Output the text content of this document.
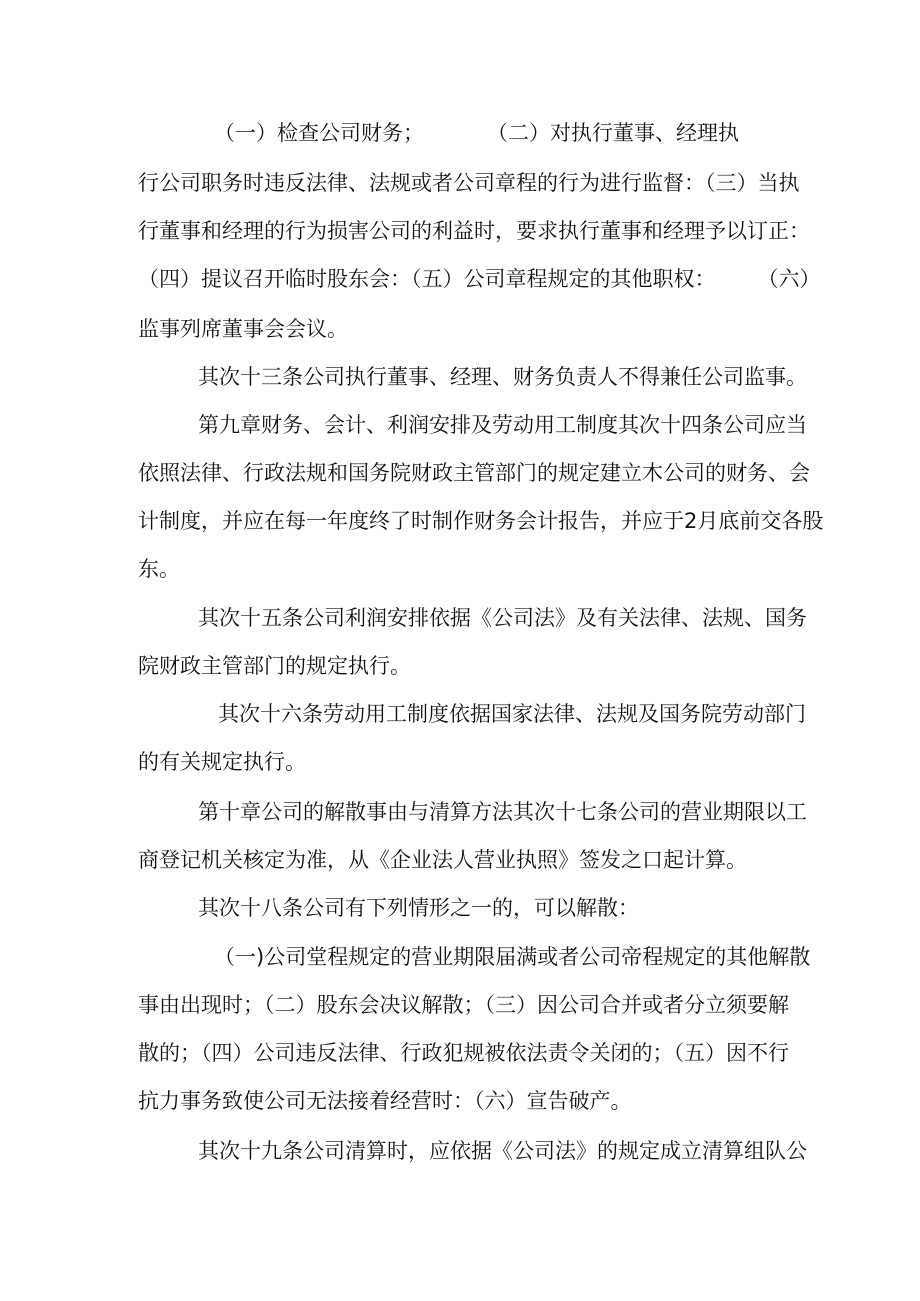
（一）检查公司财务；　　　　（二）对执行董事、经理执

行公司职务时违反法律、法规或者公司章程的行为进行监督：（三）当执

行董事和经理的行为损害公司的利益时，要求执行董事和经理予以订正：

（四）提议召开临时股东会：（五）公司章程规定的其他职权：　　　（六）

监事列席董事会会议。

其次十三条公司执行董事、经理、财务负责人不得兼任公司监事。

第九章财务、会计、利润安排及劳动用工制度其次十四条公司应当

依照法律、行政法规和国务院财政主管部门的规定建立木公司的财务、会

计制度，并应在每一年度终了时制作财务会计报告，并应于2月底前交各股

东。

其次十五条公司利润安排依据《公司法》及有关法律、法规、国务

院财政主管部门的规定执行。

其次十六条劳动用工制度依据国家法律、法规及国务院劳动部门

的有关规定执行。

第十章公司的解散事由与清算方法其次十七条公司的营业期限以工

商登记机关核定为准，从《企业法人营业执照》签发之口起计算。

其次十八条公司有下列情形之一的，可以解散：

（一)公司堂程规定的营业期限届满或者公司帝程规定的其他解散

事由出现时；（二）股东会决议解散；（三）因公司合并或者分立须要解

散的；（四）公司违反法律、行政犯规被依法责令关闭的；（五）因不行

抗力事务致使公司无法接着经营时：（六）宣告破产。

其次十九条公司清算时，应依据《公司法》的规定成立清算组队公
